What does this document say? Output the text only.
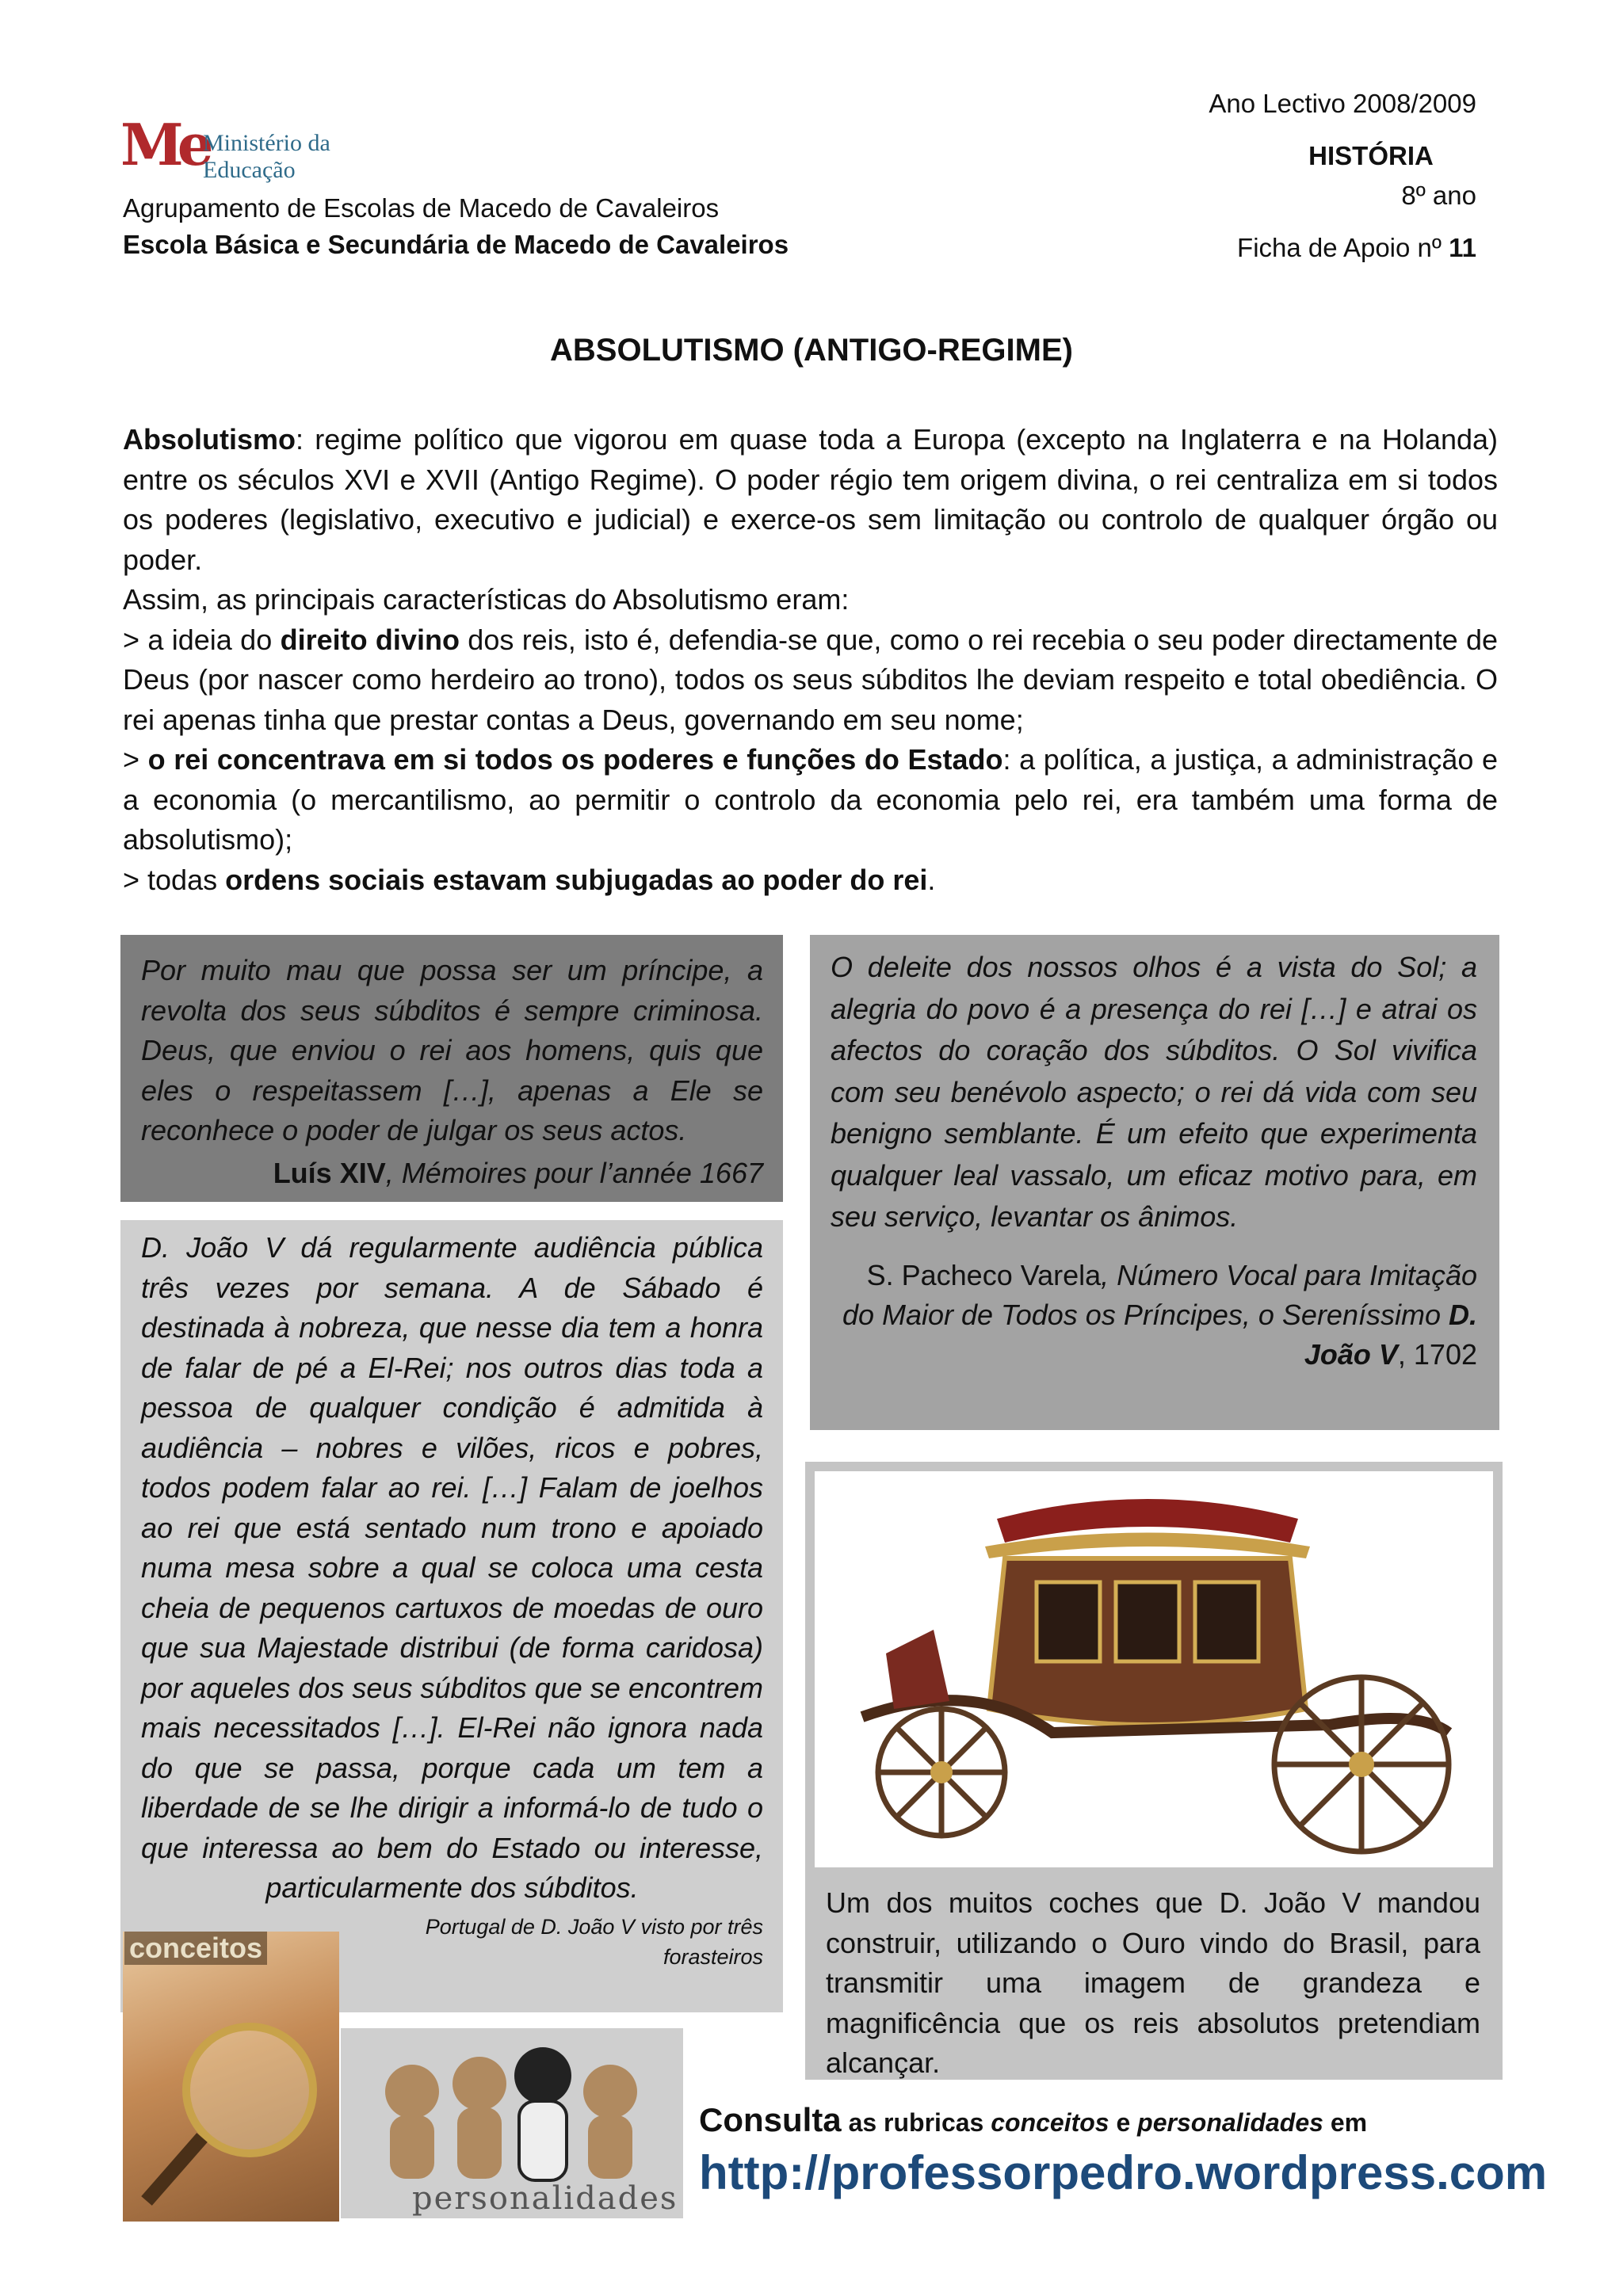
Me
Ministério da Educação
Agrupamento de Escolas de Macedo de Cavaleiros
Escola Básica e Secundária de Macedo de Cavaleiros
Ano Lectivo 2008/2009
HISTÓRIA
8º ano
Ficha de Apoio nº 11
ABSOLUTISMO (ANTIGO-REGIME)

Absolutismo: regime político que vigorou em quase toda a Europa (excepto na Inglaterra e na Holanda) entre os séculos XVI e XVII (Antigo Regime). O poder régio tem origem divina, o rei centraliza em si todos os poderes (legislativo, executivo e judicial) e exerce-os sem limitação ou controlo de qualquer órgão ou poder.

Assim, as principais características do Absolutismo eram:

> a ideia do direito divino dos reis, isto é, defendia-se que, como o rei recebia o seu poder directamente de Deus (por nascer como herdeiro ao trono), todos os seus súbditos lhe deviam respeito e total obediência. O rei apenas tinha que prestar contas a Deus, governando em seu nome;

> o rei concentrava em si todos os poderes e funções do Estado: a política, a justiça, a administração e a economia (o mercantilismo, ao permitir o controlo da economia pelo rei, era também uma forma de absolutismo);

> todas ordens sociais estavam subjugadas ao poder do rei.

Por muito mau que possa ser um príncipe, a revolta dos seus súbditos é sempre criminosa. Deus, que enviou o rei aos homens, quis que eles o respeitassem […], apenas a Ele se reconhece o poder de julgar os seus actos.
Luís XIV, Mémoires pour l’année 1667
O deleite dos nossos olhos é a vista do Sol; a alegria do povo é a presença do rei […] e atrai os afectos do coração dos súbditos. O Sol vivifica com seu benévolo aspecto; o rei dá vida com seu benigno semblante. É um efeito que experimenta qualquer leal vassalo, um eficaz motivo para, em seu serviço, levantar os ânimos.
S. Pacheco Varela, Número Vocal para Imitação do Maior de Todos os Príncipes, o Sereníssimo D. João V, 1702
D. João V dá regularmente audiência pública três vezes por semana. A de Sábado é destinada à nobreza, que nesse dia tem a honra de falar de pé a El-Rei; nos outros dias toda a pessoa de qualquer condição é admitida à audiência – nobres e vilões, ricos e pobres, todos podem falar ao rei. […] Falam de joelhos ao rei que está sentado num trono e apoiado numa mesa sobre a qual se coloca uma cesta cheia de pequenos cartuxos de moedas de ouro que sua Majestade distribui (de forma caridosa) por aqueles dos seus súbditos que se encontrem mais necessitados […]. El-Rei não ignora nada do que se passa, porque cada um tem a liberdade de se lhe dirigir a informá-lo de tudo o que interessa ao bem do Estado ou interesse, particularmente dos súbditos.
Portugal de D. João V visto por três forasteiros
Um dos muitos coches que D. João V mandou construir, utilizando o Ouro vindo do Brasil, para transmitir uma imagem de grandeza e magnificência que os reis absolutos pretendiam alcançar.
conceitos
personalidades
Consulta as rubricas conceitos e personalidades em
http://professorpedro.wordpress.com
